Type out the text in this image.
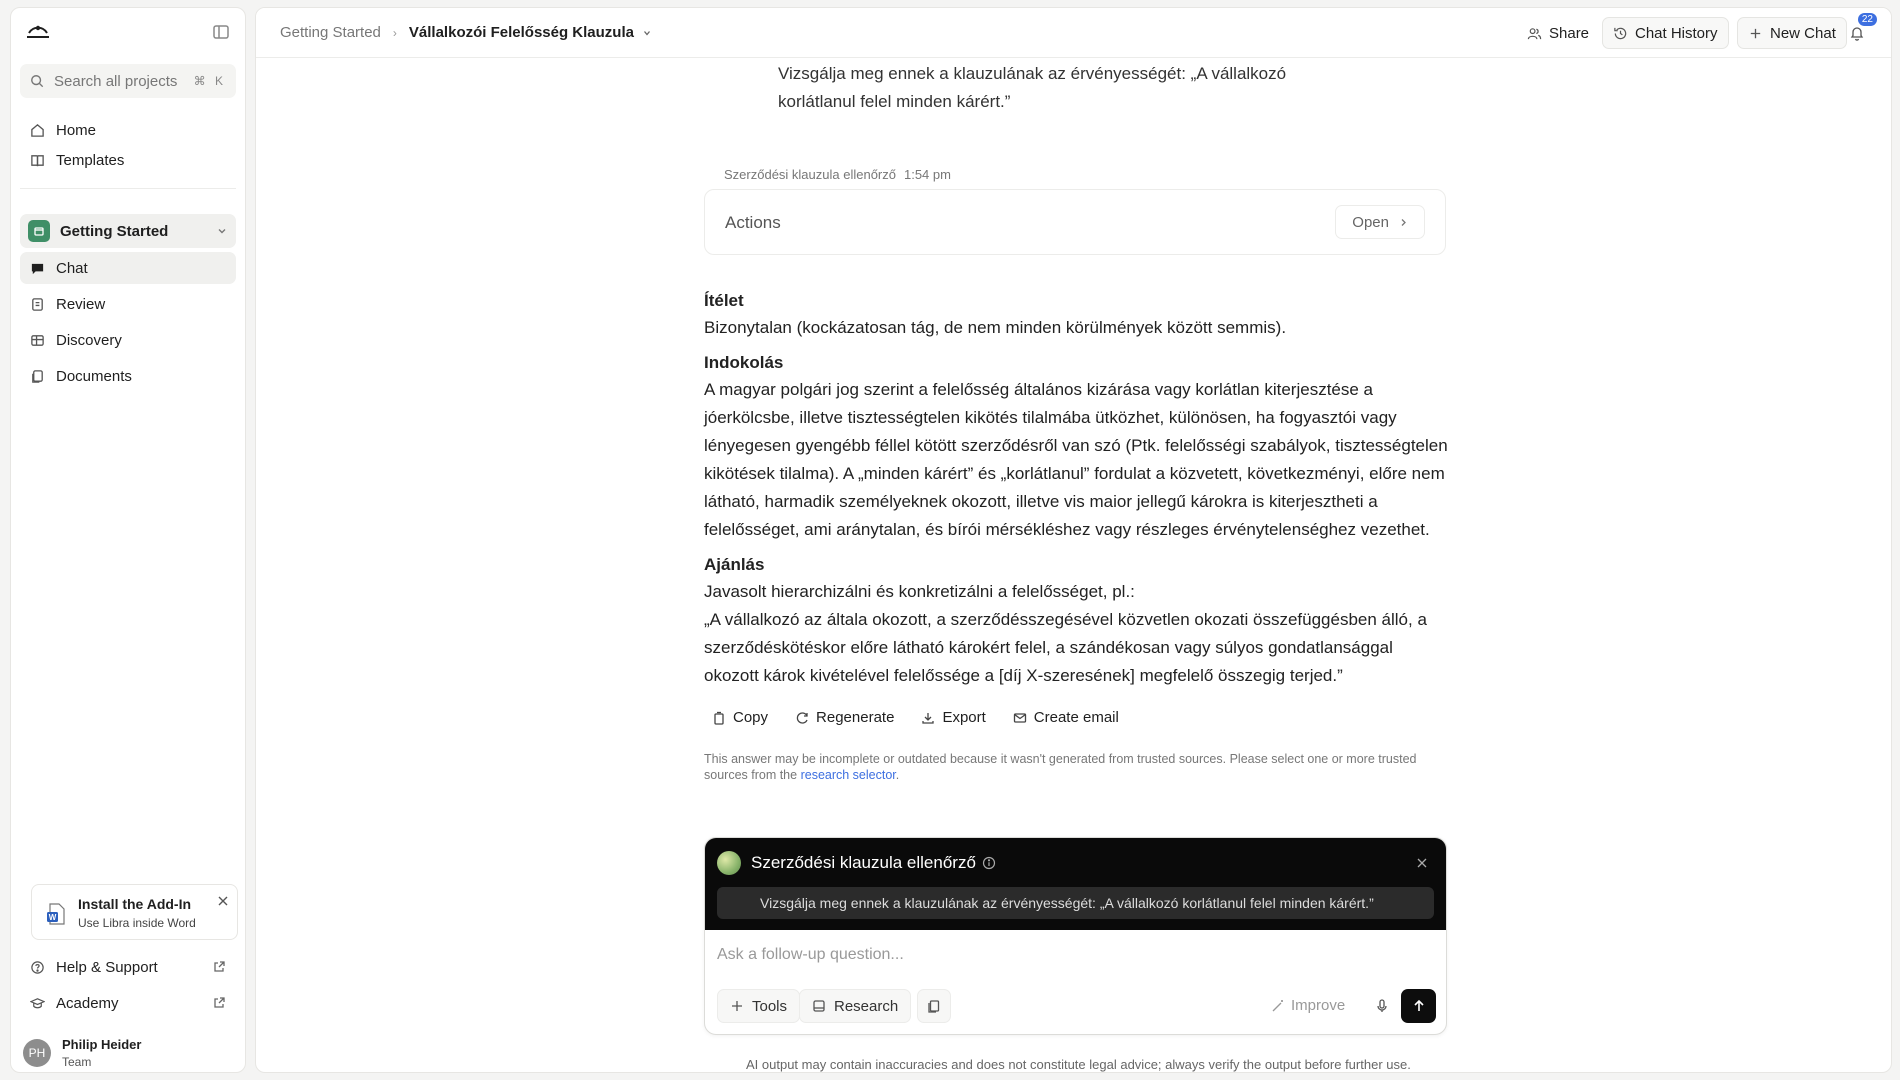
Search all projects	⌘ K
Home
Templates
Getting Started
Chat
Review
Discovery
Documents
W
Install the Add-In
Use Libra inside Word
Help & Support
Academy
PH
Philip Heider
Team
Getting Started › Vállalkozói Felelősség Klauzula	Share	Chat History	New Chat
22
Vizsgálja meg ennek a klauzulának az érvényességét: „A vállalkozó korlátlanul felel minden kárért.”
Szerződési klauzula ellenőrző 1:54 pm
Actions	Open
Ítélet

Bizonytalan (kockázatosan tág, de nem minden körülmények között semmis).

Indokolás

A magyar polgári jog szerint a felelősség általános kizárása vagy korlátlan kiterjesztése a jóerkölcsbe, illetve tisztességtelen kikötés tilalmába ütközhet, különösen, ha fogyasztói vagy lényegesen gyengébb féllel kötött szerződésről van szó (Ptk. felelősségi szabályok, tisztességtelen kikötések tilalma). A „minden kárért” és „korlátlanul” fordulat a közvetett, következményi, előre nem látható, harmadik személyeknek okozott, illetve vis maior jellegű károkra is kiterjesztheti a felelősséget, ami aránytalan, és bírói mérsékléshez vagy részleges érvénytelenséghez vezethet.

Ajánlás
Javasolt hierarchizálni és konkretizálni a felelősséget, pl.:
„A vállalkozó az általa okozott, a szerződésszegésével közvetlen okozati összefüggésben álló, a szerződéskötéskor előre látható károkért felel, a szándékosan vagy súlyos gondatlansággal okozott károk kivételével felelőssége a [díj X-szeresének] megfelelő összegig terjed.”
Copy	Regenerate	Export	Create email
This answer may be incomplete or outdated because it wasn't generated from trusted sources. Please select one or more trusted sources from the research selector.
Szerződési klauzula ellenőrző
Vizsgálja meg ennek a klauzulának az érvényességét: „A vállalkozó korlátlanul felel minden kárért.”
Ask a follow-up question...
Tools	Research	Improve
AI output may contain inaccuracies and does not constitute legal advice; always verify the output before further use.
